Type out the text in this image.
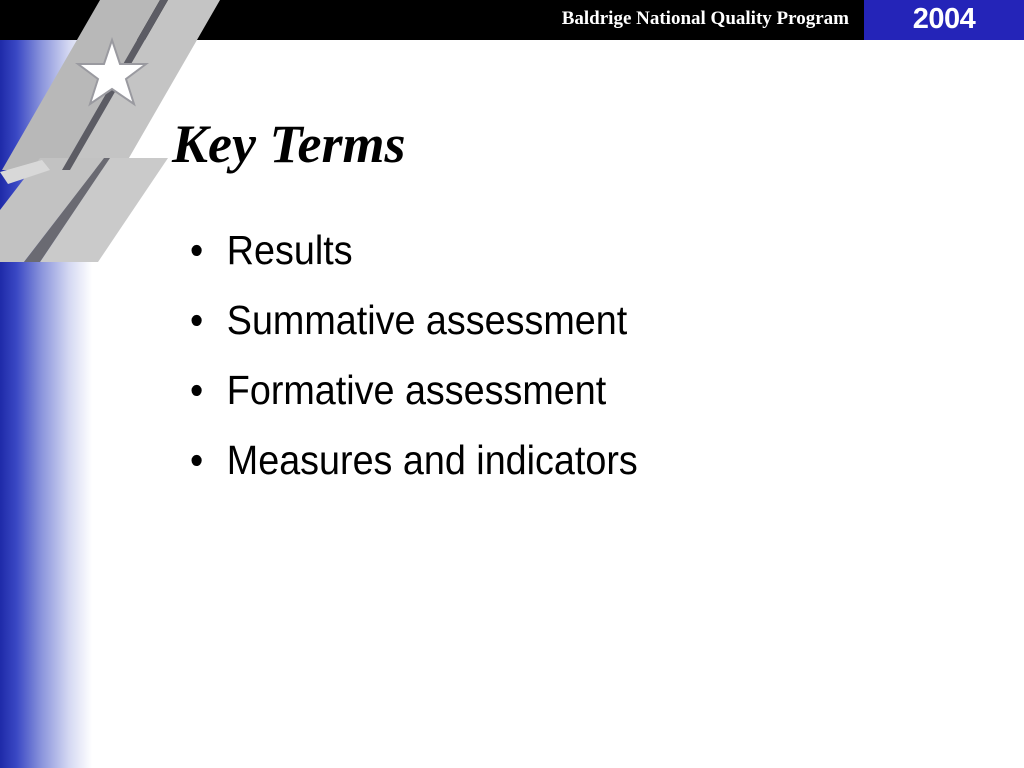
Baldrige National Quality Program	2004
Key Terms
• Results
• Summative assessment
• Formative assessment
• Measures and indicators
